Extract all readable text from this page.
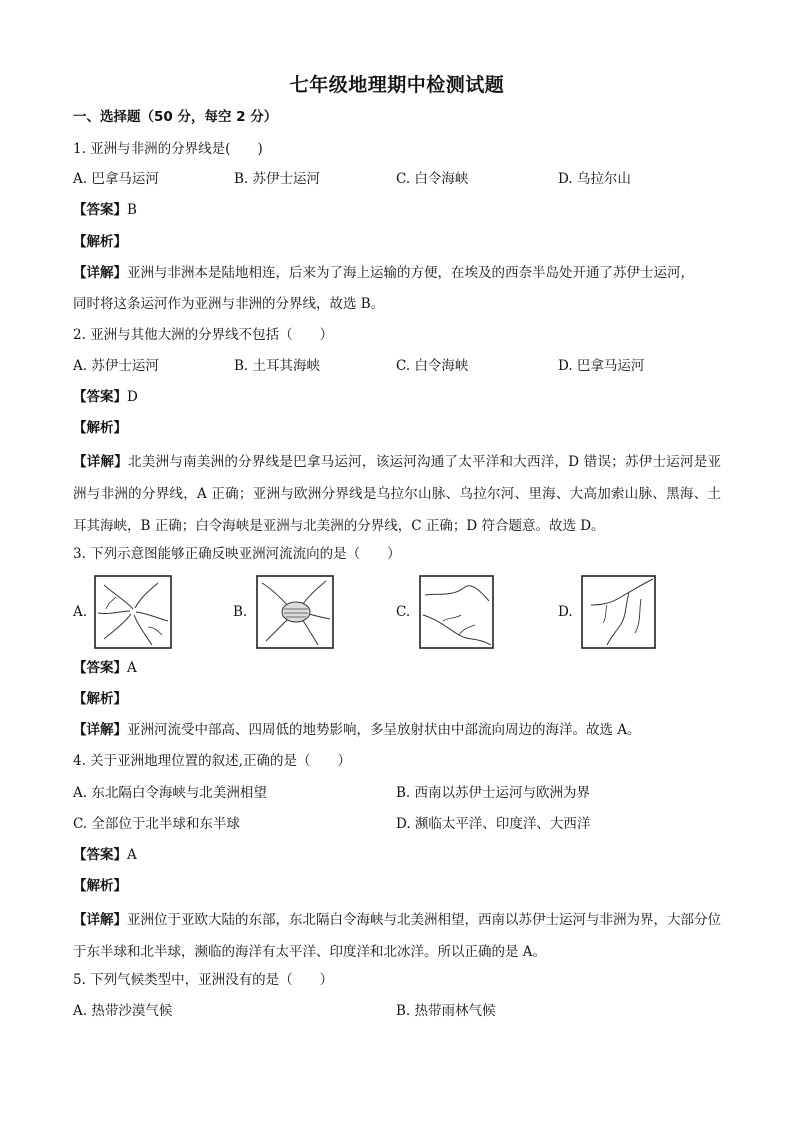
七年级地理期中检测试题
一、选择题（50 分，每空 2 分）
1. 亚洲与非洲的分界线是(　　)
A. 巴拿马运河	B. 苏伊士运河	C. 白令海峡	D. 乌拉尔山
【答案】B
【解析】
【详解】亚洲与非洲本是陆地相连，后来为了海上运输的方便，在埃及的西奈半岛处开通了苏伊士运河，
同时将这条运河作为亚洲与非洲的分界线，故选 B。
2. 亚洲与其他大洲的分界线不包括（　　）
A. 苏伊士运河	B. 土耳其海峡	C. 白令海峡	D. 巴拿马运河
【答案】D
【解析】
【详解】北美洲与南美洲的分界线是巴拿马运河，该运河沟通了太平洋和大西洋，D 错误；苏伊士运河是亚洲与非洲的分界线，A 正确；亚洲与欧洲分界线是乌拉尔山脉、乌拉尔河、里海、大高加索山脉、黑海、土耳其海峡，B 正确；白令海峡是亚洲与北美洲的分界线，C 正确；D 符合题意。故选 D。
3. 下列示意图能够正确反映亚洲河流流向的是（　　）
A.	B.	C.	D.
【答案】A
【解析】
【详解】亚洲河流受中部高、四周低的地势影响，多呈放射状由中部流向周边的海洋。故选 A。
4. 关于亚洲地理位置的叙述,正确的是（　　）
A. 东北隔白令海峡与北美洲相望	B. 西南以苏伊士运河与欧洲为界
C. 全部位于北半球和东半球	D. 濒临太平洋、印度洋、大西洋
【答案】A
【解析】
【详解】亚洲位于亚欧大陆的东部，东北隔白令海峡与北美洲相望，西南以苏伊士运河与非洲为界，大部分位于东半球和北半球，濒临的海洋有太平洋、印度洋和北冰洋。所以正确的是 A。
5. 下列气候类型中，亚洲没有的是（　　）
A. 热带沙漠气候	B. 热带雨林气候
